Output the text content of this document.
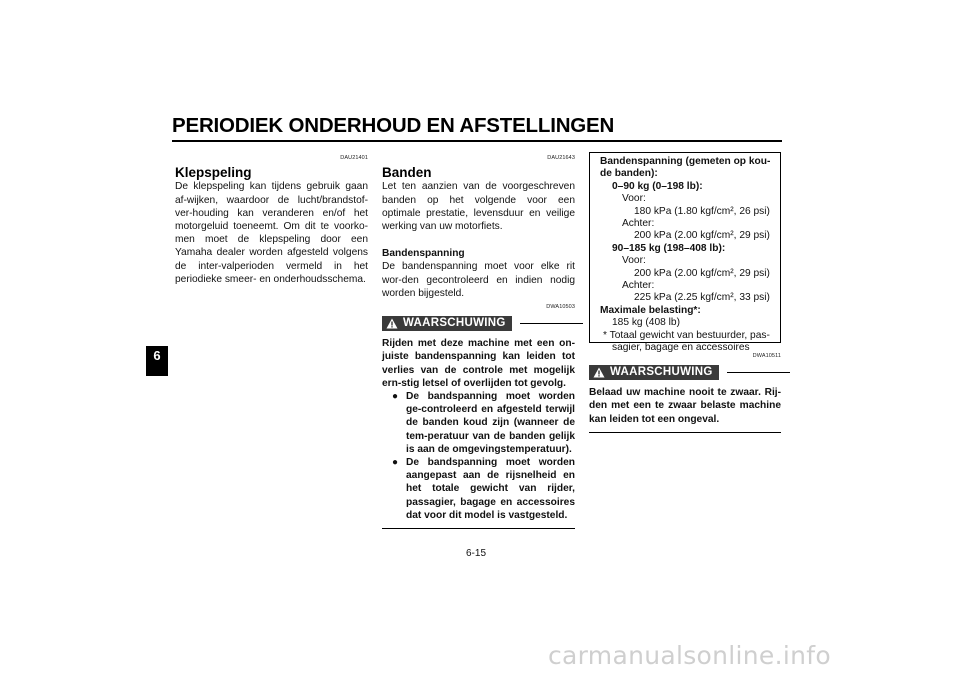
PERIODIEK ONDERHOUD EN AFSTELLINGEN
6
DAU21401
Klepspeling
De klepspeling kan tijdens gebruik gaan af-wijken, waardoor de lucht/brandstof-ver-houding kan veranderen en/of het motorgeluid toeneemt. Om dit te voorko-men moet de klepspeling door een Yamaha dealer worden afgesteld volgens de inter-valperioden vermeld in het periodieke smeer- en onderhoudsschema.
DAU21643
Banden
Let ten aanzien van de voorgeschreven banden op het volgende voor een optimale prestatie, levensduur en veilige werking van uw motorfiets.
Bandenspanning
De bandenspanning moet voor elke rit wor-den gecontroleerd en indien nodig worden bijgesteld.
DWA10503
WAARSCHUWING
Rijden met deze machine met een on-juiste bandenspanning kan leiden tot verlies van de controle met mogelijk ern-stig letsel of overlijden tot gevolg.
● De bandspanning moet worden ge-controleerd en afgesteld terwijl de banden koud zijn (wanneer de tem-peratuur van de banden gelijk is aan de omgevingstemperatuur).
● De bandspanning moet worden aangepast aan de rijsnelheid en het totale gewicht van rijder, passagier, bagage en accessoires dat voor dit model is vastgesteld.
Bandenspanning (gemeten op kou-
de banden):
0–90 kg (0–198 lb):
Voor:
180 kPa (1.80 kgf/cm², 26 psi)
Achter:
200 kPa (2.00 kgf/cm², 29 psi)
90–185 kg (198–408 lb):
Voor:
200 kPa (2.00 kgf/cm², 29 psi)
Achter:
225 kPa (2.25 kgf/cm², 33 psi)
Maximale belasting*:
185 kg (408 lb)
* Totaal gewicht van bestuurder, pas-
sagier, bagage en accessoires
DWA10511
WAARSCHUWING
Belaad uw machine nooit te zwaar. Rij-den met een te zwaar belaste machine kan leiden tot een ongeval.
6-15
carmanualsonline.info
